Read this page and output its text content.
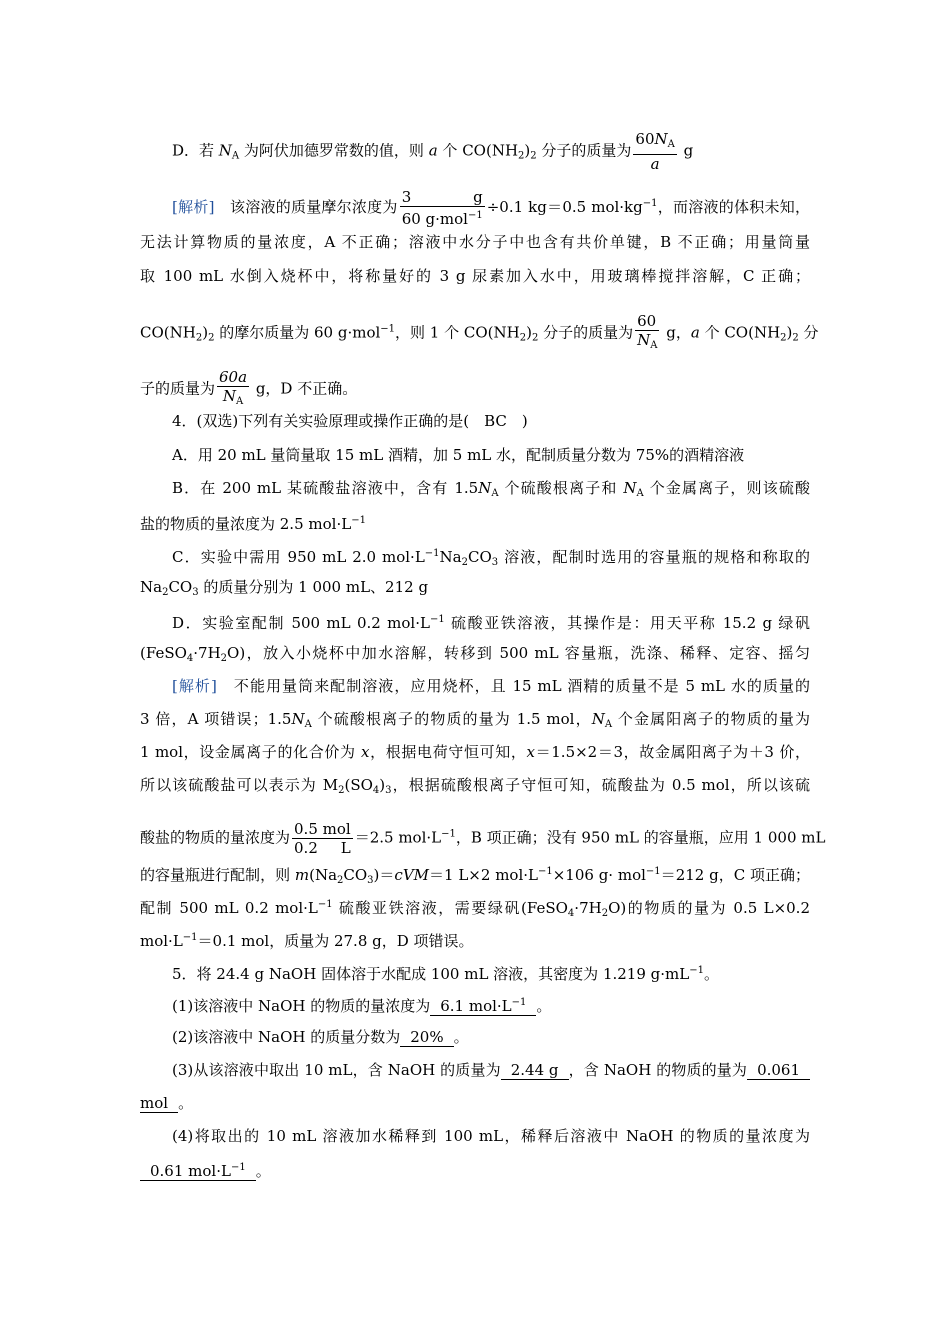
D．若 $N_A$ 为阿伏加德罗常数的值，则 a 个 $CO(NH_2)_2$ 分子的质量为 $\frac{60N_A}{a}$ g
[解析]　该溶液的质量摩尔浓度为 $\frac{3 g}{60 g\cdot mol^{-1}} \div 0.1$ kg＝0.5 $mol\cdot kg^{-1}$，而溶液的体积未知，
无法计算物质的量浓度，A 不正确；溶液中水分子中也含有共价单键，B 不正确；用量筒量
取 100 mL 水倒入烧杯中，将称量好的 3 g 尿素加入水中，用玻璃棒搅拌溶解，C 正确；
$CO(NH_2)_2$ 的摩尔质量为 60 g·mol$^{-1}$，则 1 个 $CO(NH_2)_2$ 分子的质量为 $\frac{60}{N_A}$ g，a 个 $CO(NH_2)_2$ 分
子的质量为 $\frac{60a}{N_A}$ g，D 不正确。
4．(双选)下列有关实验原理或操作正确的是(　BC　)
A．用 20 mL 量筒量取 15 mL 酒精，加 5 mL 水，配制质量分数为 75%的酒精溶液
B．在 200 mL 某硫酸盐溶液中，含有 $1.5N_A$ 个硫酸根离子和 $N_A$ 个金属离子，则该硫酸
盐的物质的量浓度为 2.5 $mol\cdot L^{-1}$
C．实验中需用 950 mL 2.0 $mol\cdot L^{-1}Na_2CO_3$ 溶液，配制时选用的容量瓶的规格和称取的
$Na_2CO_3$ 的质量分别为 1 000 mL、212 g
D．实验室配制 500 mL 0.2 $mol\cdot L^{-1}$ 硫酸亚铁溶液，其操作是：用天平称 15.2 g 绿矾
$(FeSO_4\cdot 7H_2O)$，放入小烧杯中加水溶解，转移到 500 mL 容量瓶，洗涤、稀释、定容、摇匀
[解析]　不能用量筒来配制溶液，应用烧杯，且 15 mL 酒精的质量不是 5 mL 水的质量的
3 倍，A 项错误；$1.5N_A$ 个硫酸根离子的物质的量为 1.5 mol，$N_A$ 个金属阳离子的物质的量为
1 mol，设金属离子的化合价为 x，根据电荷守恒可知，x＝1.5×2＝3，故金属阳离子为＋3 价，
所以该硫酸盐可以表示为 $M_2(SO_4)_3$，根据硫酸根离子守恒可知，硫酸盐为 0.5 mol，所以该硫
酸盐的物质的量浓度为 $\frac{\text{0.5 mol}}{0.2 L} =2.5$ $mol\cdot L^{-1}$，B 项正确；没有 950 mL 的容量瓶，应用 1 000 mL
的容量瓶进行配制，则 $m(Na_2CO_3)=cVM=1$ L×2 $mol\cdot L^{-1}\times 106$ g· mol$^{-1}$＝212 g，C 项正确；
配制 500 mL 0.2 $mol\cdot L^{-1}$ 硫酸亚铁溶液，需要绿矾$(FeSO_4\cdot 7H_2O)$的物质的量为 0.5 L×0.2
$mol\cdot L^{-1}=0.1$ mol，质量为 27.8 g，D 项错误。
5．将 24.4 g NaOH 固体溶于水配成 100 mL 溶液，其密度为 1.219 $g\cdot mL^{-1}$。
(1)该溶液中 NaOH 的物质的量浓度为 6.1 $mol\cdot L^{-1}$ 。
(2)该溶液中 NaOH 的质量分数为 20% 。
(3)从该溶液中取出 10 mL，含 NaOH 的质量为 2.44 g ，含 NaOH 的物质的量为 0.061
mol 。
(4)将取出的 10 mL 溶液加水稀释到 100 mL，稀释后溶液中 NaOH 的物质的量浓度为
0.61 $mol\cdot L^{-1}$ 。
